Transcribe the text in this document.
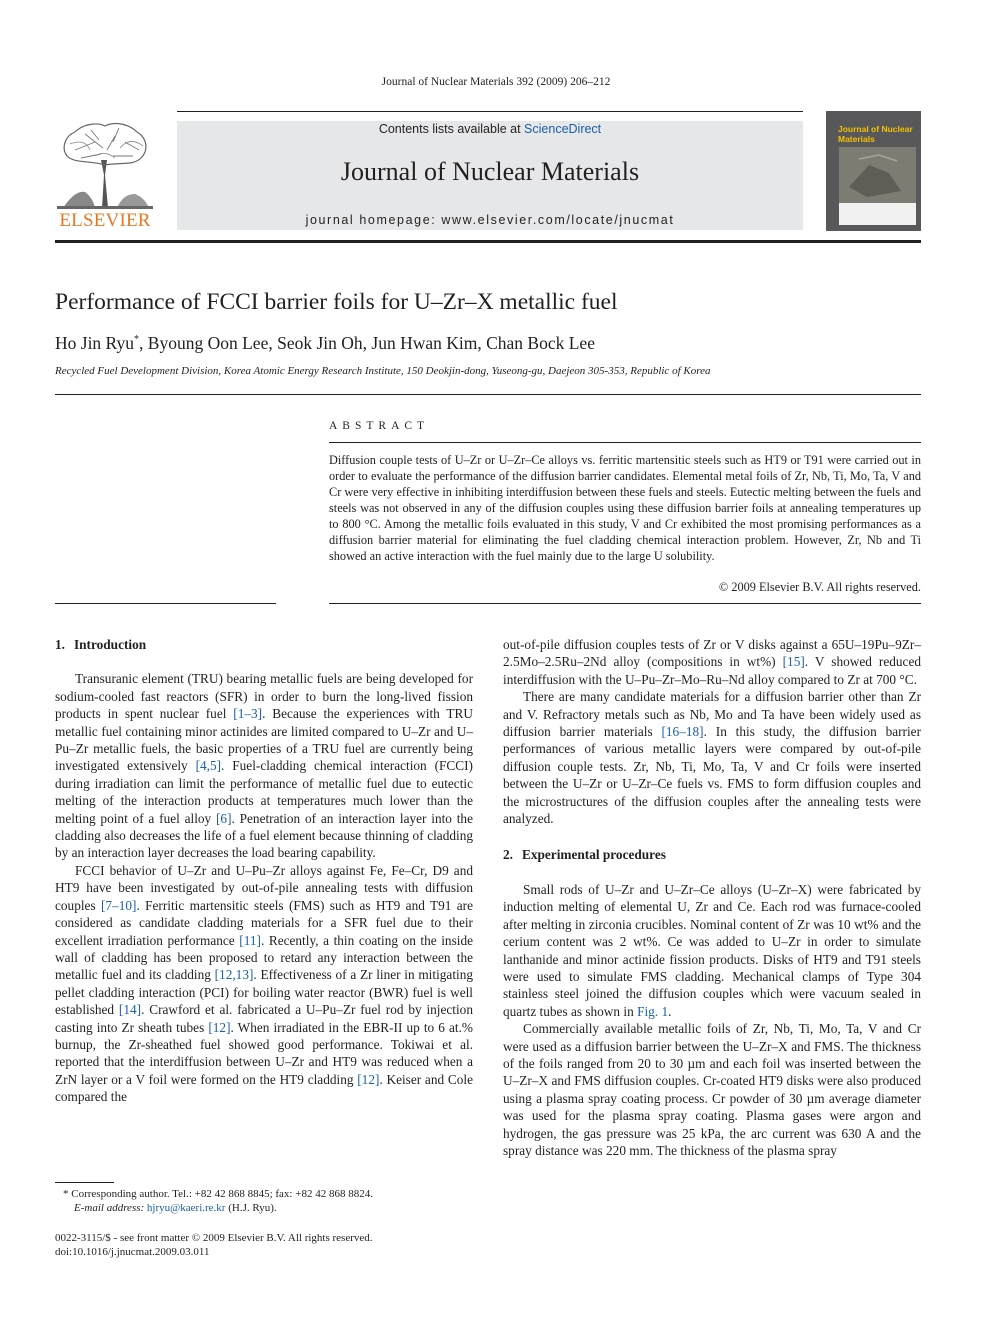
Journal of Nuclear Materials 392 (2009) 206–212
ELSEVIER
Contents lists available at ScienceDirect
Journal of Nuclear Materials
journal homepage: www.elsevier.com/locate/jnucmat
Journal of Nuclear Materials
Performance of FCCI barrier foils for U–Zr–X metallic fuel
Ho Jin Ryu*, Byoung Oon Lee, Seok Jin Oh, Jun Hwan Kim, Chan Bock Lee
Recycled Fuel Development Division, Korea Atomic Energy Research Institute, 150 Deokjin-dong, Yuseong-gu, Daejeon 305-353, Republic of Korea
ABSTRACT
Diffusion couple tests of U–Zr or U–Zr–Ce alloys vs. ferritic martensitic steels such as HT9 or T91 were carried out in order to evaluate the performance of the diffusion barrier candidates. Elemental metal foils of Zr, Nb, Ti, Mo, Ta, V and Cr were very effective in inhibiting interdiffusion between these fuels and steels. Eutectic melting between the fuels and steels was not observed in any of the diffusion couples using these diffusion barrier foils at annealing temperatures up to 800 °C. Among the metallic foils evaluated in this study, V and Cr exhibited the most promising performances as a diffusion barrier material for eliminating the fuel cladding chemical interaction problem. However, Zr, Nb and Ti showed an active interaction with the fuel mainly due to the large U solubility.
© 2009 Elsevier B.V. All rights reserved.
1. Introduction

Transuranic element (TRU) bearing metallic fuels are being developed for sodium-cooled fast reactors (SFR) in order to burn the long-lived fission products in spent nuclear fuel [1–3]. Because the experiences with TRU metallic fuel containing minor actinides are limited compared to U–Zr and U–Pu–Zr metallic fuels, the basic properties of a TRU fuel are currently being investigated extensively [4,5]. Fuel-cladding chemical interaction (FCCI) during irradiation can limit the performance of metallic fuel due to eutectic melting of the interaction products at temperatures much lower than the melting point of a fuel alloy [6]. Penetration of an interaction layer into the cladding also decreases the life of a fuel element because thinning of cladding by an interaction layer decreases the load bearing capability.

FCCI behavior of U–Zr and U–Pu–Zr alloys against Fe, Fe–Cr, D9 and HT9 have been investigated by out-of-pile annealing tests with diffusion couples [7–10]. Ferritic martensitic steels (FMS) such as HT9 and T91 are considered as candidate cladding materials for a SFR fuel due to their excellent irradiation performance [11]. Recently, a thin coating on the inside wall of cladding has been proposed to retard any interaction between the metallic fuel and its cladding [12,13]. Effectiveness of a Zr liner in mitigating pellet cladding interaction (PCI) for boiling water reactor (BWR) fuel is well established [14]. Crawford et al. fabricated a U–Pu–Zr fuel rod by injection casting into Zr sheath tubes [12]. When irradiated in the EBR-II up to 6 at.% burnup, the Zr-sheathed fuel showed good performance. Tokiwai et al. reported that the interdiffusion between U–Zr and HT9 was reduced when a ZrN layer or a V foil were formed on the HT9 cladding [12]. Keiser and Cole compared the

out-of-pile diffusion couples tests of Zr or V disks against a 65U–19Pu–9Zr–2.5Mo–2.5Ru–2Nd alloy (compositions in wt%) [15]. V showed reduced interdiffusion with the U–Pu–Zr–Mo–Ru–Nd alloy compared to Zr at 700 °C.

There are many candidate materials for a diffusion barrier other than Zr and V. Refractory metals such as Nb, Mo and Ta have been widely used as diffusion barrier materials [16–18]. In this study, the diffusion barrier performances of various metallic layers were compared by out-of-pile diffusion couple tests. Zr, Nb, Ti, Mo, Ta, V and Cr foils were inserted between the U–Zr or U–Zr–Ce fuels vs. FMS to form diffusion couples and the microstructures of the diffusion couples after the annealing tests were analyzed.

2. Experimental procedures

Small rods of U–Zr and U–Zr–Ce alloys (U–Zr–X) were fabricated by induction melting of elemental U, Zr and Ce. Each rod was furnace-cooled after melting in zirconia crucibles. Nominal content of Zr was 10 wt% and the cerium content was 2 wt%. Ce was added to U–Zr in order to simulate lanthanide and minor actinide fission products. Disks of HT9 and T91 steels were used to simulate FMS cladding. Mechanical clamps of Type 304 stainless steel joined the diffusion couples which were vacuum sealed in quartz tubes as shown in Fig. 1.

Commercially available metallic foils of Zr, Nb, Ti, Mo, Ta, V and Cr were used as a diffusion barrier between the U–Zr–X and FMS. The thickness of the foils ranged from 20 to 30 µm and each foil was inserted between the U–Zr–X and FMS diffusion couples. Cr-coated HT9 disks were also produced using a plasma spray coating process. Cr powder of 30 µm average diameter was used for the plasma spray coating. Plasma gases were argon and hydrogen, the gas pressure was 25 kPa, the arc current was 630 A and the spray distance was 220 mm. The thickness of the plasma spray

* Corresponding author. Tel.: +82 42 868 8845; fax: +82 42 868 8824.
E-mail address: hjryu@kaeri.re.kr (H.J. Ryu).
0022-3115/$ - see front matter © 2009 Elsevier B.V. All rights reserved.
doi:10.1016/j.jnucmat.2009.03.011
